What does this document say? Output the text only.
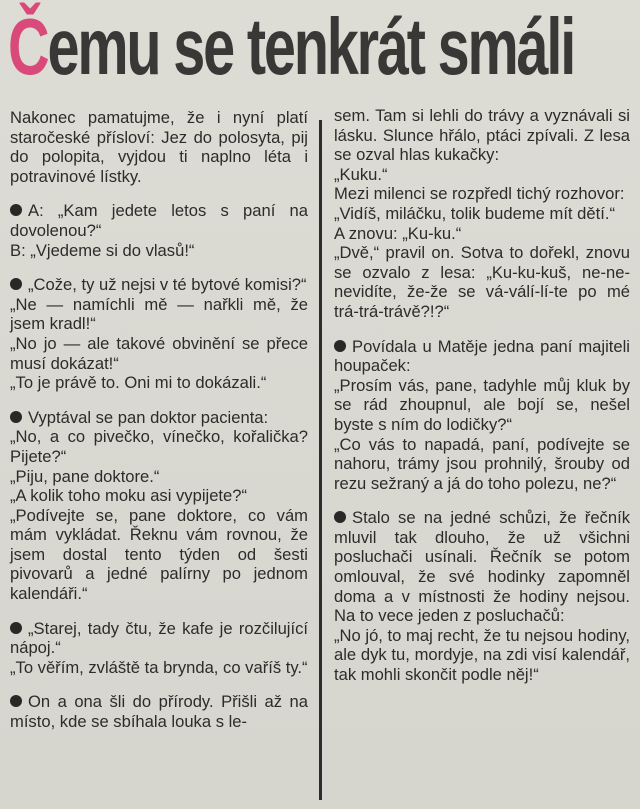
Čemu se tenkrát smáli

Nakonec pamatujme, že i nyní platí staročeské přísloví: Jez do polosyta, pij do polopita, vyjdou ti naplno léta i potravinové lístky.

A: „Kam jedete letos s paní na dovolenou?“

B: „Vjedeme si do vlasů!“

„Cože, ty už nejsi v té bytové komisi?“

„Ne — namíchli mě — nařkli mě, že jsem kradl!“

„No jo — ale takové obvinění se přece musí dokázat!“

„To je právě to. Oni mi to dokázali.“

Vyptával se pan doktor pacienta:

„No, a co pivečko, vínečko, kořalička? Pijete?“

„Piju, pane doktore.“

„A kolik toho moku asi vypijete?“

„Podívejte se, pane doktore, co vám mám vykládat. Řeknu vám rovnou, že jsem dostal tento týden od šesti pivovarů a jedné palírny po jednom kalendáři.“

„Starej, tady čtu, že kafe je rozčilující nápoj.“

„To věřím, zvláště ta brynda, co vaříš ty.“

On a ona šli do přírody. Přišli až na místo, kde se sbíhala louka s le-

sem. Tam si lehli do trávy a vyznávali si lásku. Slunce hřálo, ptáci zpívali. Z lesa se ozval hlas kukačky:

„Kuku.“

Mezi milenci se rozpředl tichý rozhovor:

„Vidíš, miláčku, tolik budeme mít dětí.“

A znovu: „Ku-ku.“

„Dvě,“ pravil on. Sotva to dořekl, znovu se ozvalo z lesa: „Ku-ku-kuš, ne-ne-nevidíte, že-že se vá-válí-lí-te po mé trá-trá-trávě?!?“

Povídala u Matěje jedna paní majiteli houpaček:

„Prosím vás, pane, tadyhle můj kluk by se rád zhoupnul, ale bojí se, nešel byste s ním do lodičky?“

„Co vás to napadá, paní, podívejte se nahoru, trámy jsou prohnilý, šrouby od rezu sežraný a já do toho polezu, ne?“

Stalo se na jedné schůzi, že řečník mluvil tak dlouho, že už všichni posluchači usínali. Řečník se potom omlouval, že své hodinky zapomněl doma a v místnosti že hodiny nejsou. Na to vece jeden z posluchačů:

„No jó, to maj recht, že tu nejsou hodiny, ale dyk tu, mordyje, na zdi visí kalendář, tak mohli skončit podle něj!“
